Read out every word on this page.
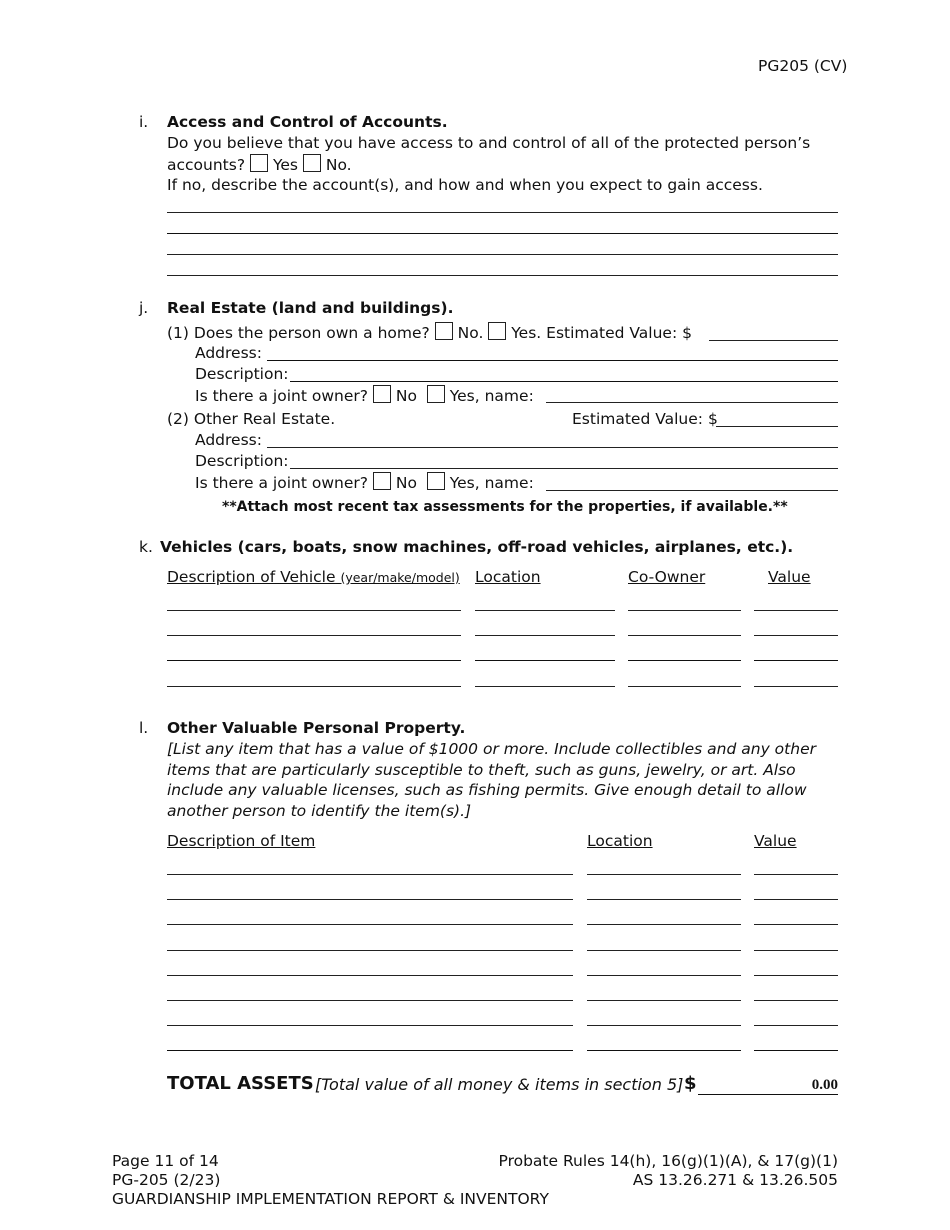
PG205 (CV)
i. Access and Control of Accounts.
Do you believe that you have access to and control of all of the protected person’s
accounts? Yes No.
If no, describe the account(s), and how and when you expect to gain access.
j. Real Estate (land and buildings).
(1) Does the person own a home? No. Yes. Estimated Value: $
Address:
Description:
Is there a joint owner? No Yes, name:
(2) Other Real Estate.	Estimated Value: $
Address:
Description:
Is there a joint owner? No Yes, name:
**Attach most recent tax assessments for the properties, if available.**
k. Vehicles (cars, boats, snow machines, off-road vehicles, airplanes, etc.).
Description of Vehicle (year/make/model) Location	Co-Owner	Value
l. Other Valuable Personal Property.
[List any item that has a value of $1000 or more. Include collectibles and any other
items that are particularly susceptible to theft, such as guns, jewelry, or art. Also
include any valuable licenses, such as fishing permits. Give enough detail to allow
another person to identify the item(s).]
Description of Item	Location	Value
TOTAL ASSETS [Total value of all money & items in section 5] $	0.00
Page 11 of 14
PG-205 (2/23)
GUARDIANSHIP IMPLEMENTATION REPORT & INVENTORY
Probate Rules 14(h), 16(g)(1)(A), & 17(g)(1)
AS 13.26.271 & 13.26.505
